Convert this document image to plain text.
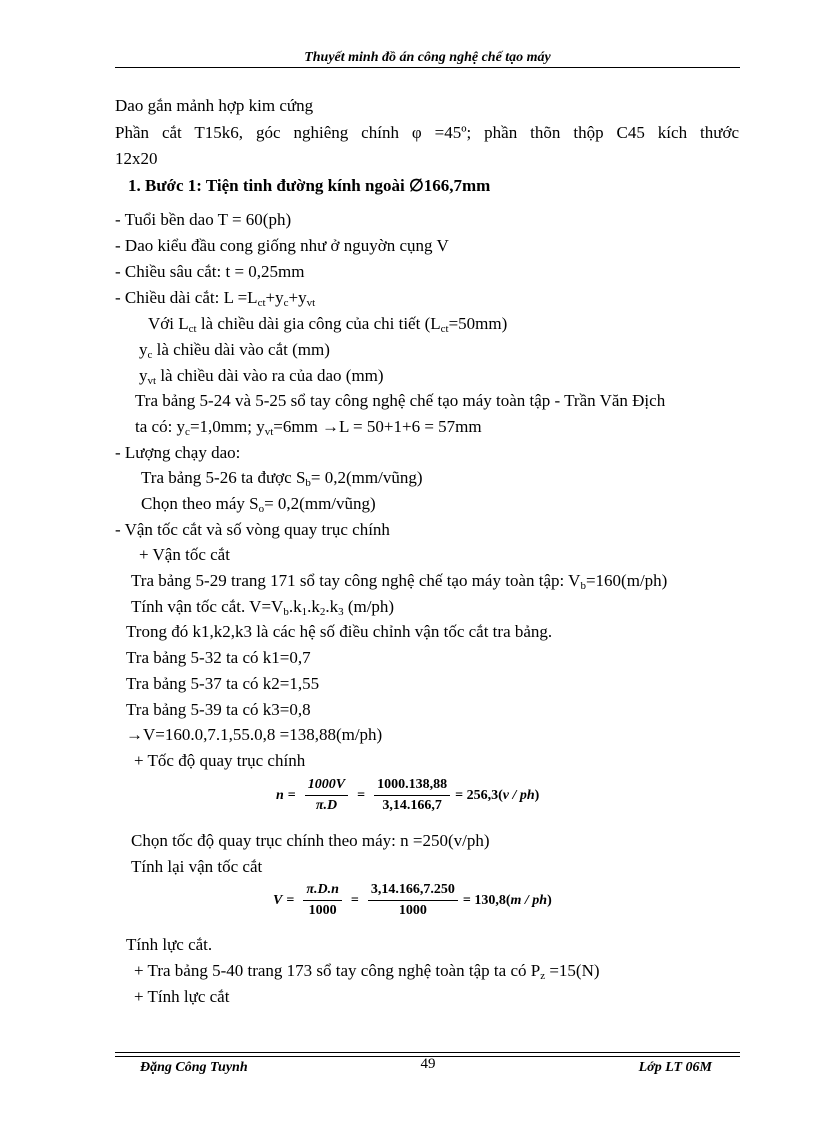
Thuyết minh đồ án công nghệ chế tạo máy
Dao gắn mảnh hợp kim cứng
Phần cắt T15k6, góc nghiêng chính φ =45º; phần thõn thộp C45 kích thước
12x20
1. Bước 1: Tiện tinh đường kính ngoài ∅166,7mm
- Tuổi bền dao T = 60(ph)
- Dao kiểu đầu cong giống như ở nguyờn cụng V
- Chiều sâu cắt: t = 0,25mm
- Chiều dài cắt: $L =L_{ct}+y_c+y_{vt}$
Với $L_{ct}$ là chiều dài gia công của chi tiết $(L_{ct}=50mm)$
$y_c$ là chiều dài vào cắt (mm)
$y_{vt}$ là chiều dài vào ra của dao (mm)
Tra bảng 5-24 và 5-25 sổ tay công nghệ chế tạo máy toàn tập - Trần Văn Địch
ta có: $y_c=1,0mm$; $y_{vt}=6mm \to L = 50+1+6 = 57mm$
- Lượng chạy dao:
Tra bảng 5-26 ta được $S_b=$ 0,2(mm/vũng)
Chọn theo máy $S_o=$ 0,2(mm/vũng)
- Vận tốc cắt và số vòng quay trục chính
+ Vận tốc cắt
Tra bảng 5-29 trang 171 sổ tay công nghệ chế tạo máy toàn tập: $V_b=160(m/ph)$
Tính vận tốc cắt. $V=V_b.k_1.k_2.k_3$ (m/ph)
Trong đó k1,k2,k3 là các hệ số điều chỉnh vận tốc cắt tra bảng.
Tra bảng 5-32 ta có k1=0,7
Tra bảng 5-37 ta có k2=1,55
Tra bảng 5-39 ta có k3=0,8
→V=160.0,7.1,55.0,8 =138,88(m/ph)
+ Tốc độ quay trục chính
$n = \frac{1000V}{\pi.D} = \frac{1000.138,88}{3,14.166,7} = 256,3$( v / ph )
Chọn tốc độ quay trục chính theo máy: n =250(v/ph)
Tính lại vận tốc cắt
$V = \frac{\pi.D.n}{1000} = \frac{3,14.166,7.250}{1000} = 130,8$( m / ph )
Tính lực cắt.
+ Tra bảng 5-40 trang 173 sổ tay công nghệ toàn tập ta có $P_z =15(N)$
+ Tính lực cắt
Đặng Công Tuynh	49	Lớp LT 06M
